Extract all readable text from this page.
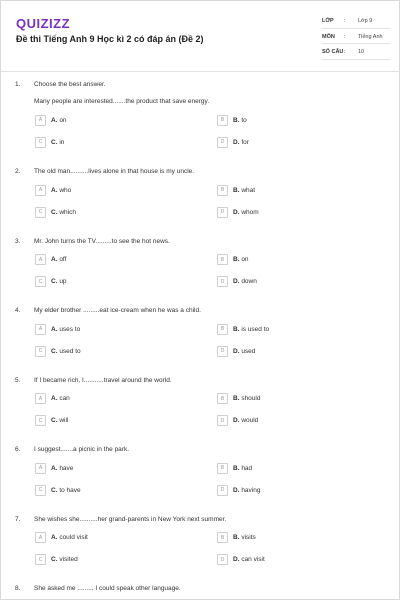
QUIZIZZ
Đề thi Tiếng Anh 9 Học kì 2 có đáp án (Đề 2)
LỚP : Lớp 9
MÔN : Tiếng Anh
SỐ CÂU : 10
1. Choose the best answer.
Many people are interested.......the product that save energy.
A	A. on	B	B. to
C	C. in	D	D. for
2. The old man..........lives alone in that house is my uncle.
A	A. who	B	B. what
C	C. which	D	D. whom
3. Mr. John turns the TV.........to see the hot news.
A	A. off	B	B. on
C	C. up	D	D. down
4. My elder brother .........eat ice-cream when he was a child.
A	A. uses to	B	B. is used to
C	C. used to	D	D. used
5. If I became rich, I...........travel around the world.
A	A. can	B	B. should
C	C. will	D	D. would
6. I suggest.......a picnic in the park.
A	A. have	B	B. had
C	C. to have	D	D. having
7. She wishes she..........her grand-parents in New York next summer.
A	A. could visit	B	B. visits
C	C. visited	D	D. can visit
8. She asked me ......... I could speak other language.
